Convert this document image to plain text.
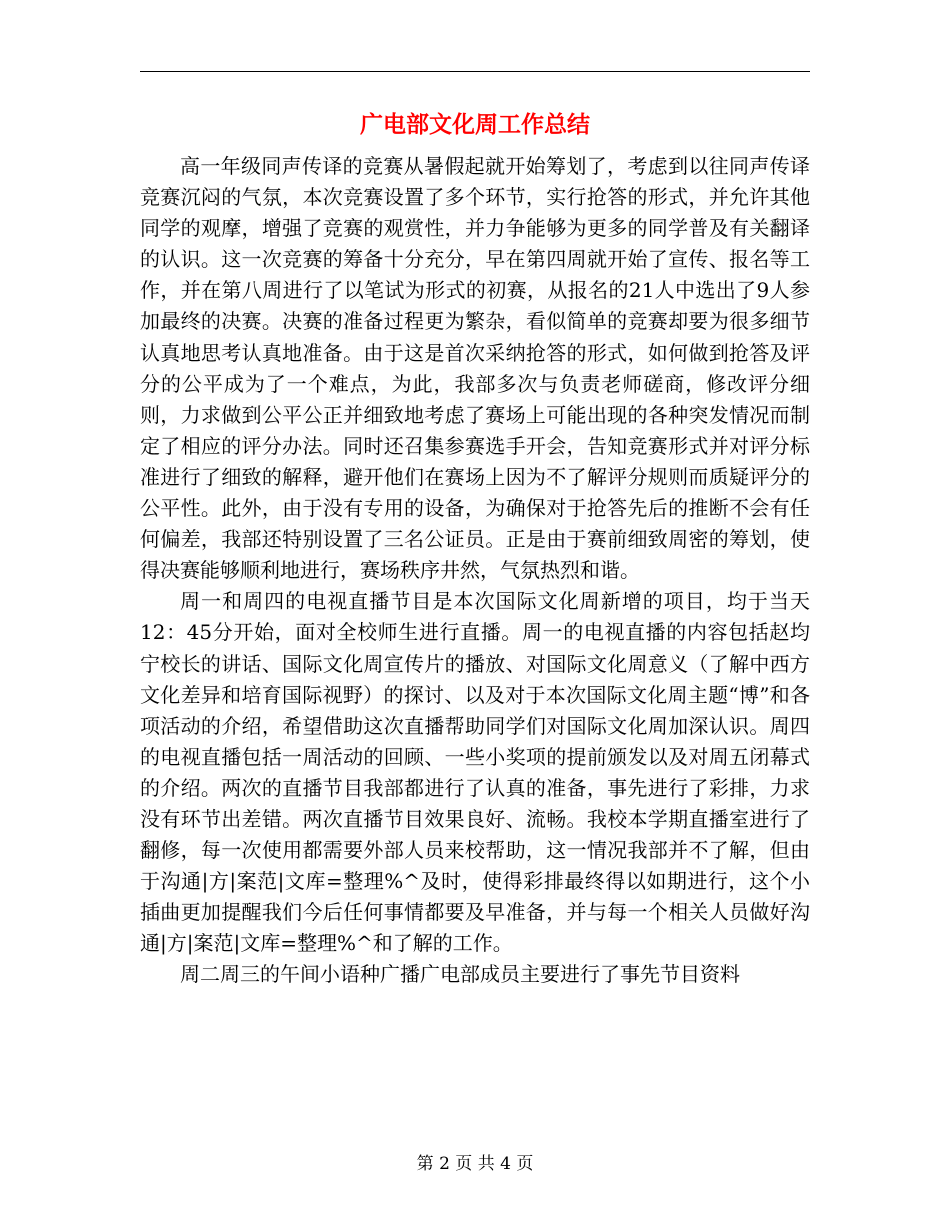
广电部文化周工作总结

高一年级同声传译的竞赛从暑假起就开始筹划了，考虑到以往同声传译竞赛沉闷的气氛，本次竞赛设置了多个环节，实行抢答的形式，并允许其他同学的观摩，增强了竞赛的观赏性，并力争能够为更多的同学普及有关翻译的认识。这一次竞赛的筹备十分充分，早在第四周就开始了宣传、报名等工作，并在第八周进行了以笔试为形式的初赛，从报名的21人中选出了9人参加最终的决赛。决赛的准备过程更为繁杂，看似简单的竞赛却要为很多细节认真地思考认真地准备。由于这是首次采纳抢答的形式，如何做到抢答及评分的公平成为了一个难点，为此，我部多次与负责老师磋商，修改评分细则，力求做到公平公正并细致地考虑了赛场上可能出现的各种突发情况而制定了相应的评分办法。同时还召集参赛选手开会，告知竞赛形式并对评分标准进行了细致的解释，避开他们在赛场上因为不了解评分规则而质疑评分的公平性。此外，由于没有专用的设备，为确保对于抢答先后的推断不会有任何偏差，我部还特别设置了三名公证员。正是由于赛前细致周密的筹划，使得决赛能够顺利地进行，赛场秩序井然，气氛热烈和谐。

周一和周四的电视直播节目是本次国际文化周新增的项目，均于当天12：45分开始，面对全校师生进行直播。周一的电视直播的内容包括赵均宁校长的讲话、国际文化周宣传片的播放、对国际文化周意义（了解中西方文化差异和培育国际视野）的探讨、以及对于本次国际文化周主题“博”和各项活动的介绍，希望借助这次直播帮助同学们对国际文化周加深认识。周四的电视直播包括一周活动的回顾、一些小奖项的提前颁发以及对周五闭幕式的介绍。两次的直播节目我部都进行了认真的准备，事先进行了彩排，力求没有环节出差错。两次直播节目效果良好、流畅。我校本学期直播室进行了翻修，每一次使用都需要外部人员来校帮助，这一情况我部并不了解，但由于沟通|方|案范|文库=整理%^及时，使得彩排最终得以如期进行，这个小插曲更加提醒我们今后任何事情都要及早准备，并与每一个相关人员做好沟通|方|案范|文库=整理%^和了解的工作。

周二周三的午间小语种广播广电部成员主要进行了事先节目资料

第 2 页 共 4 页
